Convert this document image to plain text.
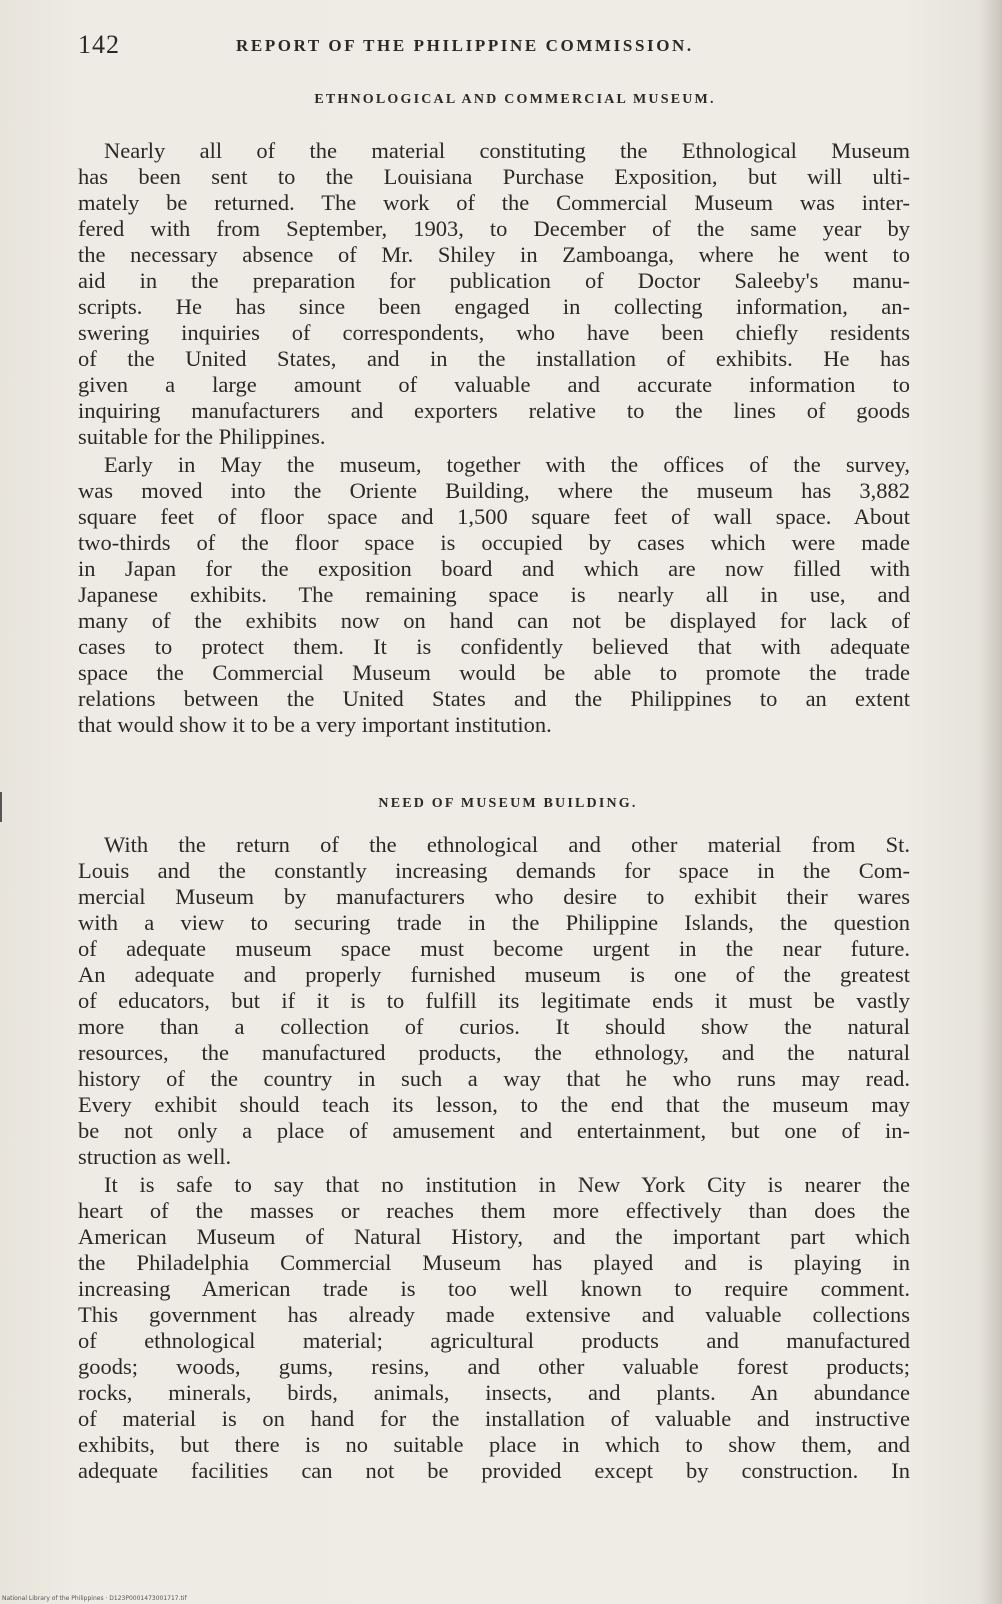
142	REPORT OF THE PHILIPPINE COMMISSION.
ETHNOLOGICAL AND COMMERCIAL MUSEUM.
Nearly all of the material constituting the Ethnological Museum
has been sent to the Louisiana Purchase Exposition, but will ulti-
mately be returned. The work of the Commercial Museum was inter-
fered with from September, 1903, to December of the same year by
the necessary absence of Mr. Shiley in Zamboanga, where he went to
aid in the preparation for publication of Doctor Saleeby's manu-
scripts. He has since been engaged in collecting information, an-
swering inquiries of correspondents, who have been chiefly residents
of the United States, and in the installation of exhibits. He has
given a large amount of valuable and accurate information to
inquiring manufacturers and exporters relative to the lines of goods
suitable for the Philippines.
Early in May the museum, together with the offices of the survey,
was moved into the Oriente Building, where the museum has 3,882
square feet of floor space and 1,500 square feet of wall space. About
two-thirds of the floor space is occupied by cases which were made
in Japan for the exposition board and which are now filled with
Japanese exhibits. The remaining space is nearly all in use, and
many of the exhibits now on hand can not be displayed for lack of
cases to protect them. It is confidently believed that with adequate
space the Commercial Museum would be able to promote the trade
relations between the United States and the Philippines to an extent
that would show it to be a very important institution.
NEED OF MUSEUM BUILDING.
With the return of the ethnological and other material from St.
Louis and the constantly increasing demands for space in the Com-
mercial Museum by manufacturers who desire to exhibit their wares
with a view to securing trade in the Philippine Islands, the question
of adequate museum space must become urgent in the near future.
An adequate and properly furnished museum is one of the greatest
of educators, but if it is to fulfill its legitimate ends it must be vastly
more than a collection of curios. It should show the natural
resources, the manufactured products, the ethnology, and the natural
history of the country in such a way that he who runs may read.
Every exhibit should teach its lesson, to the end that the museum may
be not only a place of amusement and entertainment, but one of in-
struction as well.
It is safe to say that no institution in New York City is nearer the
heart of the masses or reaches them more effectively than does the
American Museum of Natural History, and the important part which
the Philadelphia Commercial Museum has played and is playing in
increasing American trade is too well known to require comment.
This government has already made extensive and valuable collections
of ethnological material; agricultural products and manufactured
goods; woods, gums, resins, and other valuable forest products;
rocks, minerals, birds, animals, insects, and plants. An abundance
of material is on hand for the installation of valuable and instructive
exhibits, but there is no suitable place in which to show them, and
adequate facilities can not be provided except by construction. In
National Library of the Philippines · D123P0001473001717.tif
